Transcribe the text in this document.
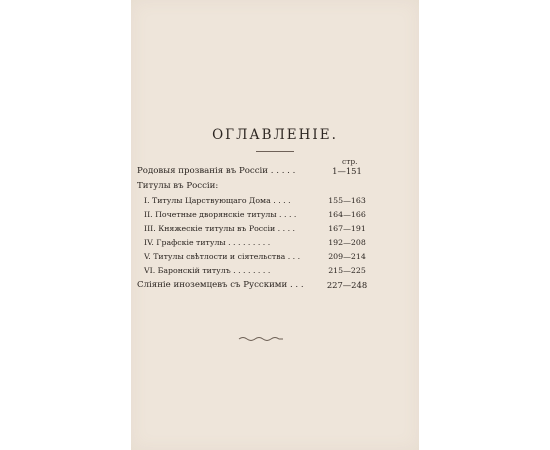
ОГЛАВЛЕНІЕ.
стр.
Родовыя прозванія въ Россіи . . . . .	1—151
Титулы въ Россіи:
I. Титулы Царствующаго Дома . . . .	155—163
II. Почетные дворянскіе титулы . . . .	164—166
III. Княжескіе титулы въ Россіи . . . .	167—191
IV. Графскіе титулы . . . . . . . . .	192—208
V. Титулы свѣтлости и сіятельства . . .	209—214
VI. Баронскій титулъ . . . . . . . .	215—225
Сліяніе иноземцевъ съ Русскими . . .	227—248
